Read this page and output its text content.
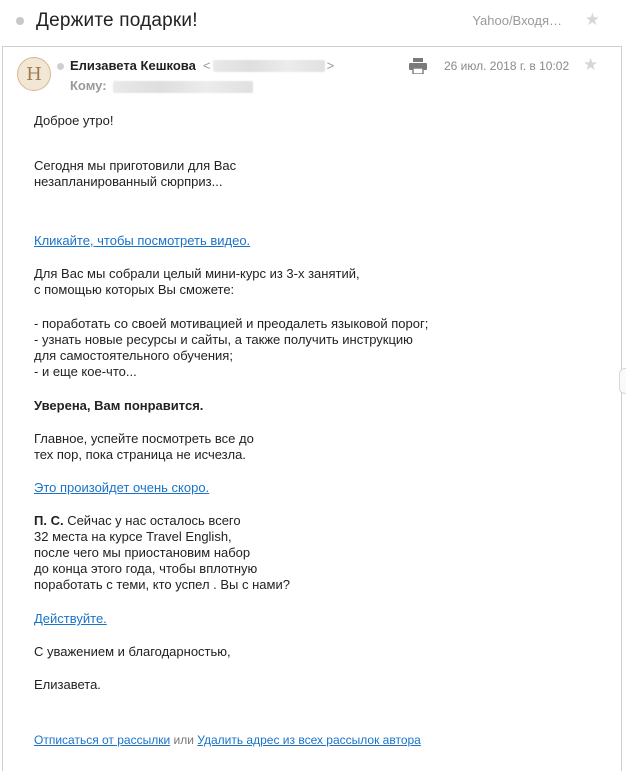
Держите подарки!	Yahoo/Входя… ★
H Елизавета Кешкова <	>
Кому:
26 июл. 2018 г. в 10:02 ★

Доброе утро!

Сегодня мы приготовили для Вас
незапланированный сюрприз...

Кликайте, чтобы посмотреть видео.

Для Вас мы собрали целый мини-курс из 3-х занятий,
с помощью которых Вы сможете:

- поработать со своей мотивацией и преодалеть языковой порог;
- узнать новые ресурсы и сайты, а также получить инструкцию
для самостоятельного обучения;
- и еще кое-что...

Уверена, Вам понравится.

Главное, успейте посмотреть все до
тех пор, пока страница не исчезла.

Это произойдет очень скоро.

П. С. Сейчас у нас осталось всего
32 места на курсе Travel English,
после чего мы приостановим набор
до конца этого года, чтобы вплотную
поработать с теми, кто успел . Вы с нами?

Действуйте.

С уважением и благодарностью,

Елизавета.

Отписаться от рассылки или Удалить адрес из всех рассылок автора
